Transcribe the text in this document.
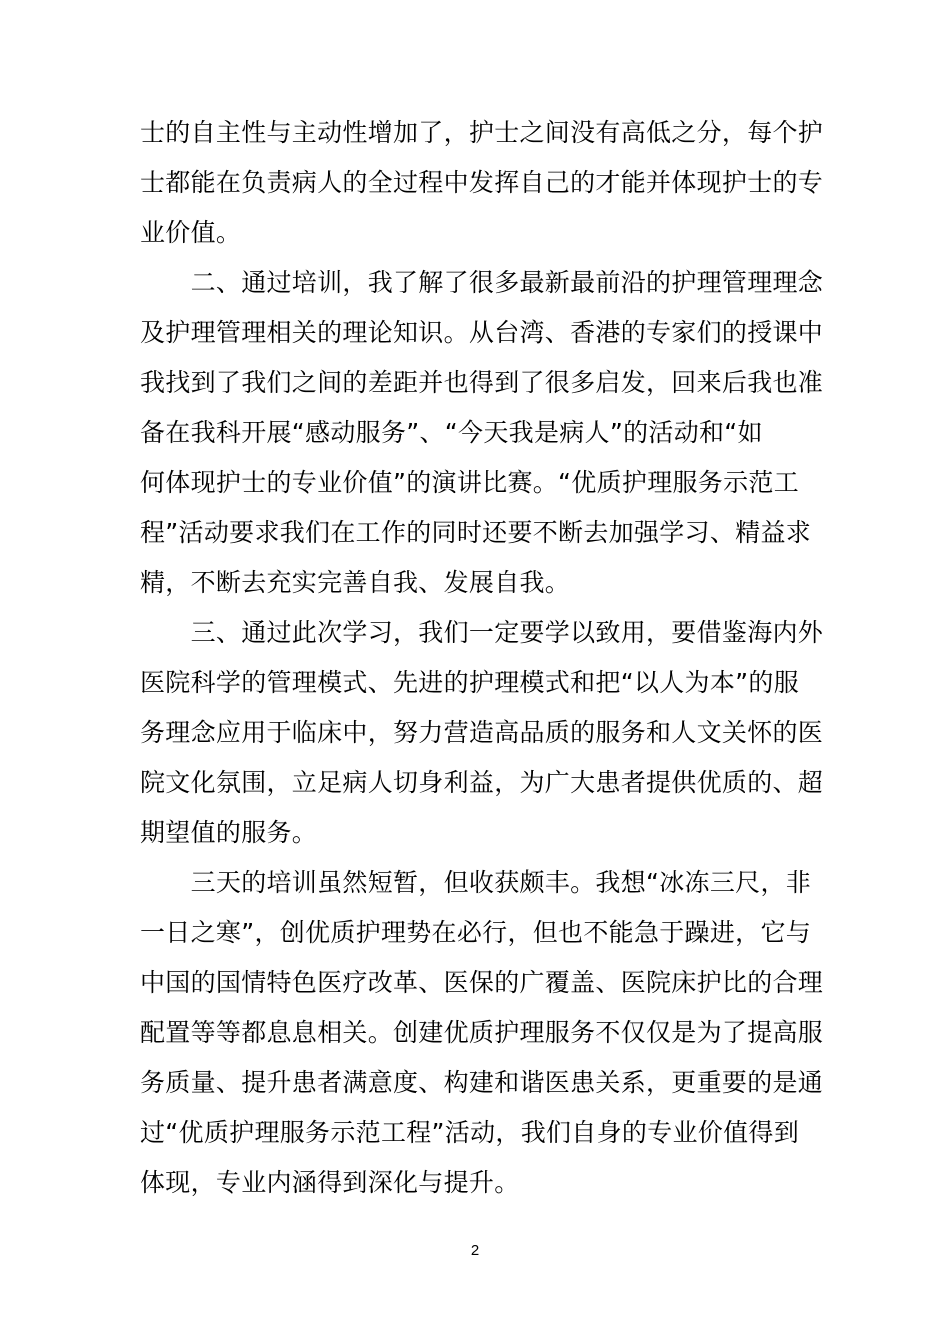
士的自主性与主动性增加了，护士之间没有高低之分，每个护
士都能在负责病人的全过程中发挥自己的才能并体现护士的专
业价值。
　　二、通过培训，我了解了很多最新最前沿的护理管理理念
及护理管理相关的理论知识。从台湾、香港的专家们的授课中
我找到了我们之间的差距并也得到了很多启发，回来后我也准
备在我科开展“感动服务”、“今天我是病人”的活动和“如
何体现护士的专业价值”的演讲比赛。“优质护理服务示范工
程”活动要求我们在工作的同时还要不断去加强学习、精益求
精，不断去充实完善自我、发展自我。
　　三、通过此次学习，我们一定要学以致用，要借鉴海内外
医院科学的管理模式、先进的护理模式和把“以人为本”的服
务理念应用于临床中，努力营造高品质的服务和人文关怀的医
院文化氛围，立足病人切身利益，为广大患者提供优质的、超
期望值的服务。
　　三天的培训虽然短暂，但收获颇丰。我想“冰冻三尺，非
一日之寒”，创优质护理势在必行，但也不能急于躁进，它与
中国的国情特色医疗改革、医保的广覆盖、医院床护比的合理
配置等等都息息相关。创建优质护理服务不仅仅是为了提高服
务质量、提升患者满意度、构建和谐医患关系，更重要的是通
过“优质护理服务示范工程”活动，我们自身的专业价值得到
体现，专业内涵得到深化与提升。
2
